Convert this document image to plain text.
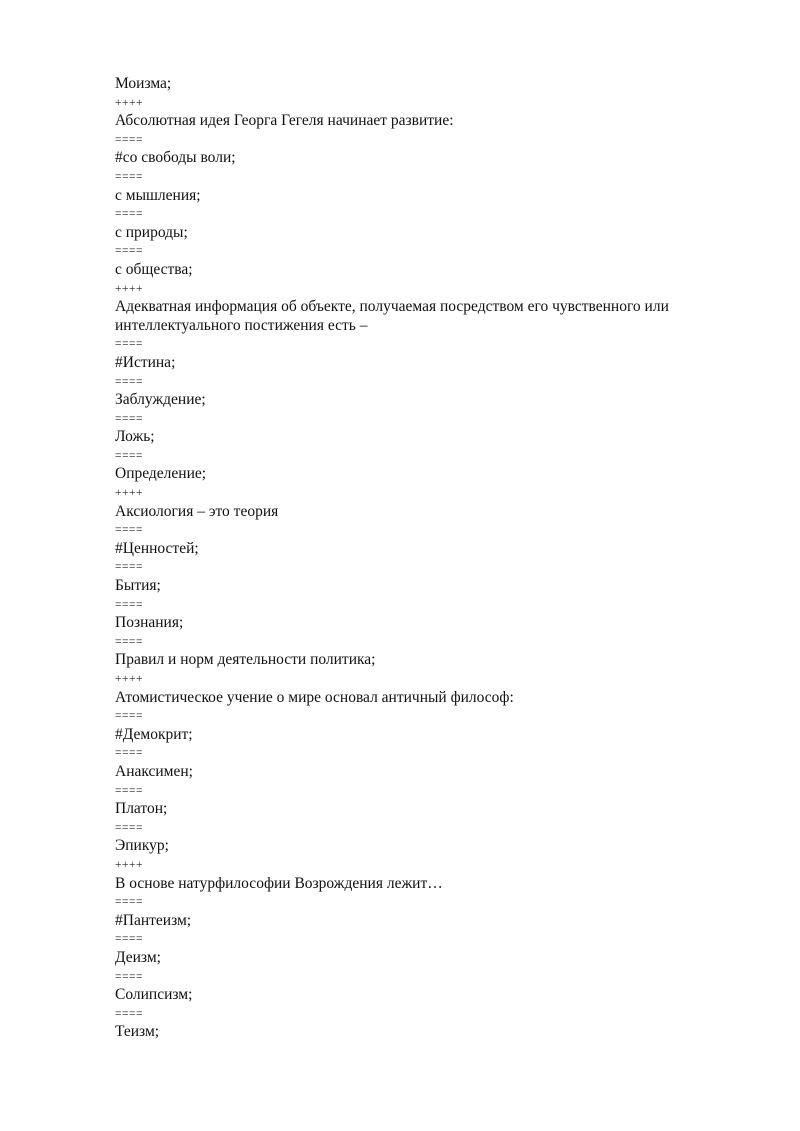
Моизма;
++++
Абсолютная идея Георга Гегеля начинает развитие:
====
#со свободы воли;
====
с мышления;
====
с природы;
====
с общества;
++++
Адекватная информация об объекте, получаемая посредством его чувственного или интеллектуального постижения есть –
====
#Истина;
====
Заблуждение;
====
Ложь;
====
Определение;
++++
Аксиология – это теория
====
#Ценностей;
====
Бытия;
====
Познания;
====
Правил и норм деятельности политика;
++++
Атомистическое учение о мире основал античный философ:
====
#Демокрит;
====
Анаксимен;
====
Платон;
====
Эпикур;
++++
В основе натурфилософии Возрождения лежит…
====
#Пантеизм;
====
Деизм;
====
Солипсизм;
====
Теизм;
